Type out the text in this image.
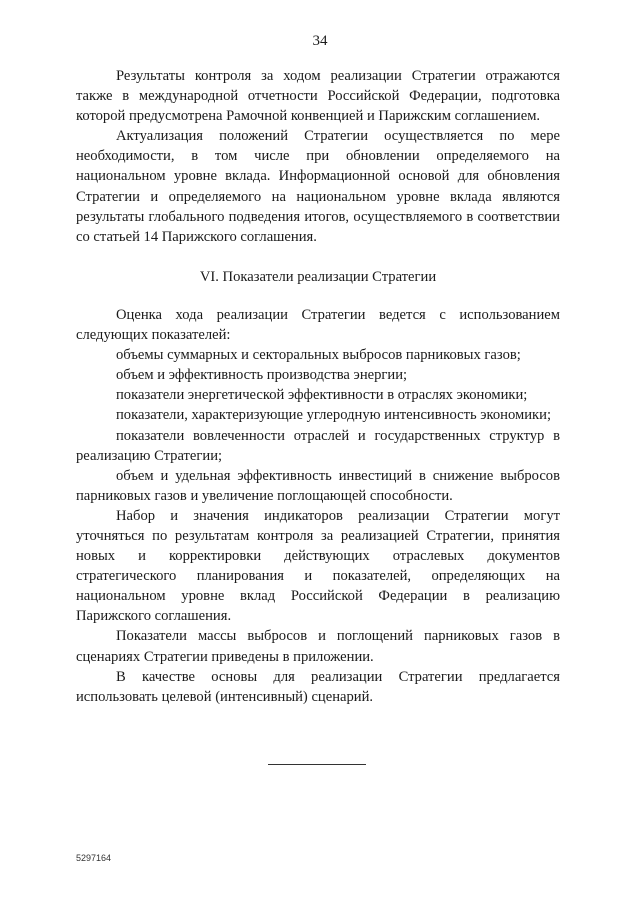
34

Результаты контроля за ходом реализации Стратегии отражаются также в международной отчетности Российской Федерации, подготовка которой предусмотрена Рамочной конвенцией и Парижским соглашением.

Актуализация положений Стратегии осуществляется по мере необходимости, в том числе при обновлении определяемого на национальном уровне вклада. Информационной основой для обновления Стратегии и определяемого на национальном уровне вклада являются результаты глобального подведения итогов, осуществляемого в соответствии со статьей 14 Парижского соглашения.

VI. Показатели реализации Стратегии

Оценка хода реализации Стратегии ведется с использованием следующих показателей:

объемы суммарных и секторальных выбросов парниковых газов;

объем и эффективность производства энергии;

показатели энергетической эффективности в отраслях экономики;

показатели, характеризующие углеродную интенсивность экономики;

показатели вовлеченности отраслей и государственных структур в реализацию Стратегии;

объем и удельная эффективность инвестиций в снижение выбросов парниковых газов и увеличение поглощающей способности.

Набор и значения индикаторов реализации Стратегии могут уточняться по результатам контроля за реализацией Стратегии, принятия новых и корректировки действующих отраслевых документов стратегического планирования и показателей, определяющих на национальном уровне вклад Российской Федерации в реализацию Парижского соглашения.

Показатели массы выбросов и поглощений парниковых газов в сценариях Стратегии приведены в приложении.

В качестве основы для реализации Стратегии предлагается использовать целевой (интенсивный) сценарий.

5297164
